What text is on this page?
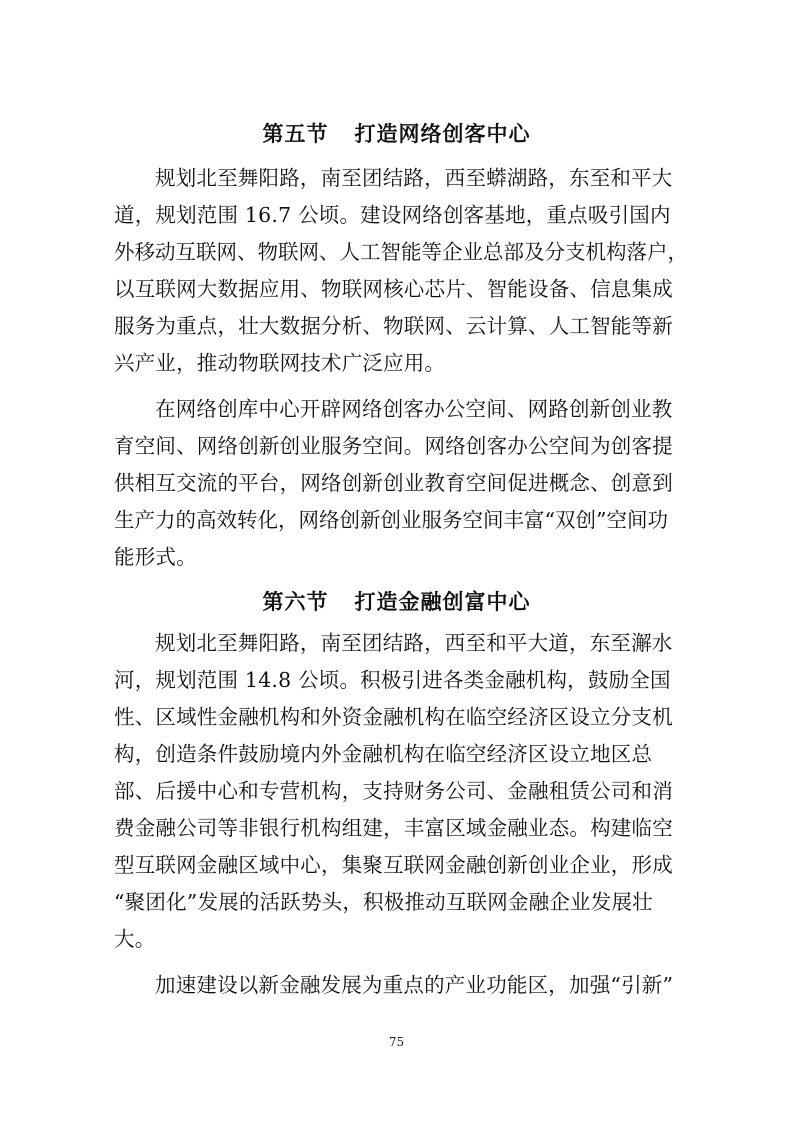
第五节 打造网络创客中心
规划北至舞阳路，南至团结路，西至蟒湖路，东至和平大
道，规划范围 16.7 公顷。建设网络创客基地，重点吸引国内
外移动互联网、物联网、人工智能等企业总部及分支机构落户，
以互联网大数据应用、物联网核心芯片、智能设备、信息集成
服务为重点，壮大数据分析、物联网、云计算、人工智能等新
兴产业，推动物联网技术广泛应用。
在网络创库中心开辟网络创客办公空间、网路创新创业教
育空间、网络创新创业服务空间。网络创客办公空间为创客提
供相互交流的平台，网络创新创业教育空间促进概念、创意到
生产力的高效转化，网络创新创业服务空间丰富“双创”空间功
能形式。
第六节 打造金融创富中心
规划北至舞阳路，南至团结路，西至和平大道，东至澥水
河，规划范围 14.8 公顷。积极引进各类金融机构，鼓励全国
性、区域性金融机构和外资金融机构在临空经济区设立分支机
构，创造条件鼓励境内外金融机构在临空经济区设立地区总
部、后援中心和专营机构，支持财务公司、金融租赁公司和消
费金融公司等非银行机构组建，丰富区域金融业态。构建临空
型互联网金融区域中心，集聚互联网金融创新创业企业，形成
“聚团化”发展的活跃势头，积极推动互联网金融企业发展壮
大。
加速建设以新金融发展为重点的产业功能区，加强“引新”
75
